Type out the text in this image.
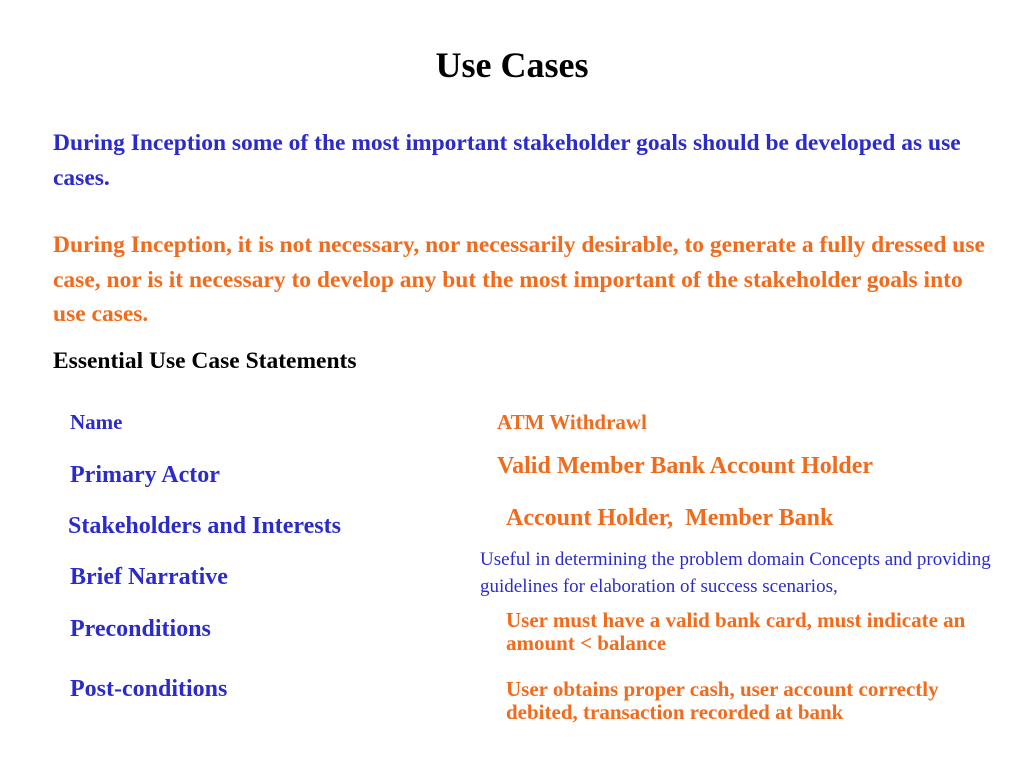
Use Cases

During Inception some of the most important stakeholder goals should be developed as use cases.

During Inception, it is not necessary, nor necessarily desirable, to generate a fully dressed use case, nor is it necessary to develop any but the most important of the stakeholder goals into use cases.

Essential Use Case Statements
Name
Primary Actor
Stakeholders and Interests
Brief Narrative
Preconditions
Post-conditions
ATM Withdrawl
Valid Member Bank Account Holder
Account Holder,  Member Bank
Useful in determining the problem domain Concepts and providing guidelines for elaboration of success scenarios,
User must have a valid bank card, must indicate an amount < balance
User obtains proper cash, user account correctly debited, transaction recorded at bank
